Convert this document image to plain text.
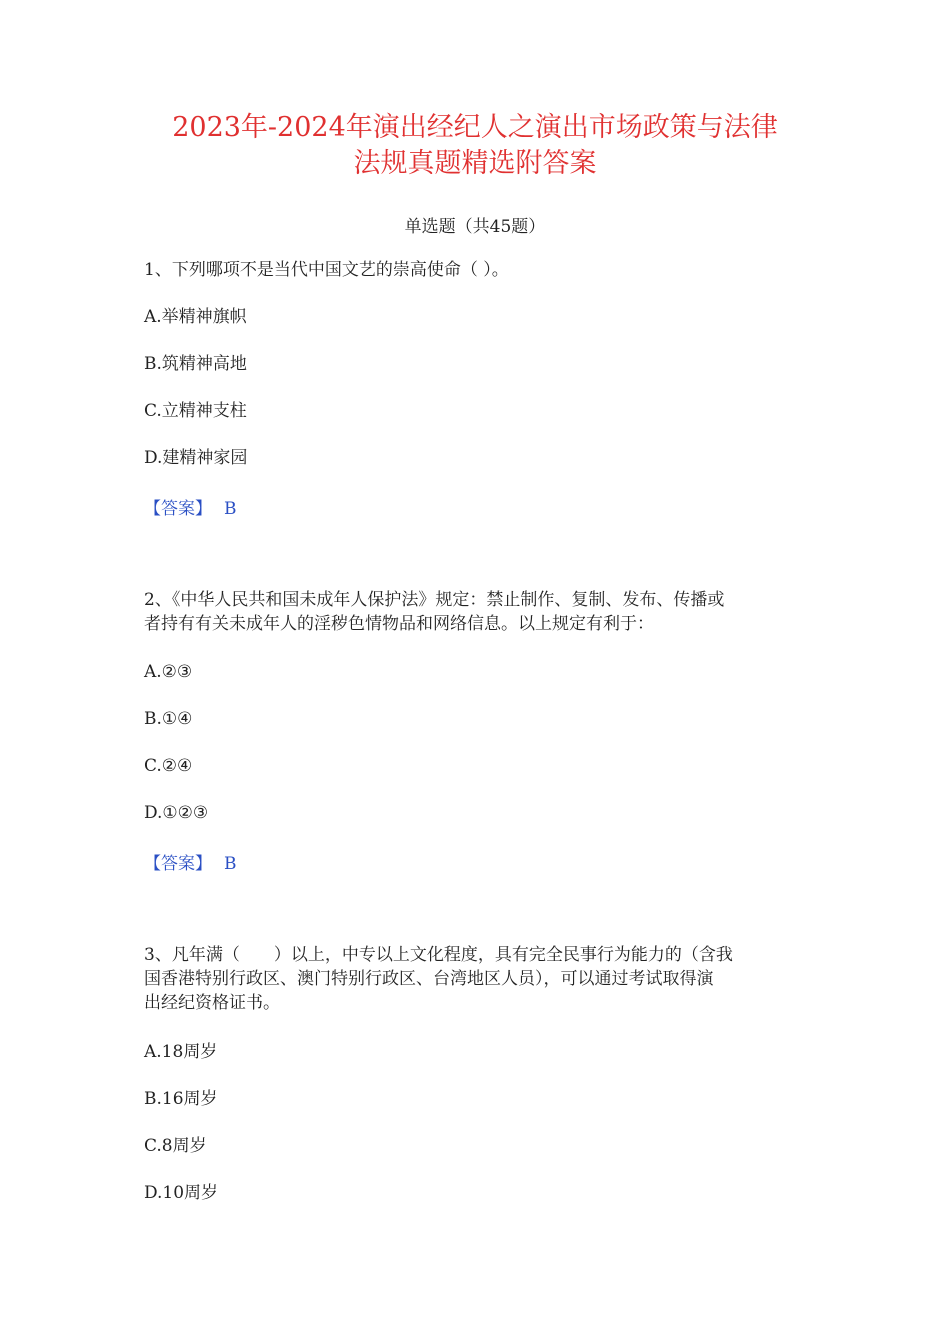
2023年-2024年演出经纪人之演出市场政策与法律
法规真题精选附答案
单选题（共45题）
1、下列哪项不是当代中国文艺的崇高使命（ ）。
A.举精神旗帜
B.筑精神高地
C.立精神支柱
D.建精神家园
【答案】 B
2、《中华人民共和国未成年人保护法》规定：禁止制作、复制、发布、传播或
者持有有关未成年人的淫秽色情物品和网络信息。以上规定有利于：
A.②③
B.①④
C.②④
D.①②③
【答案】 B
3、凡年满（　　）以上，中专以上文化程度，具有完全民事行为能力的（含我
国香港特别行政区、澳门特别行政区、台湾地区人员），可以通过考试取得演
出经纪资格证书。
A.18周岁
B.16周岁
C.8周岁
D.10周岁
